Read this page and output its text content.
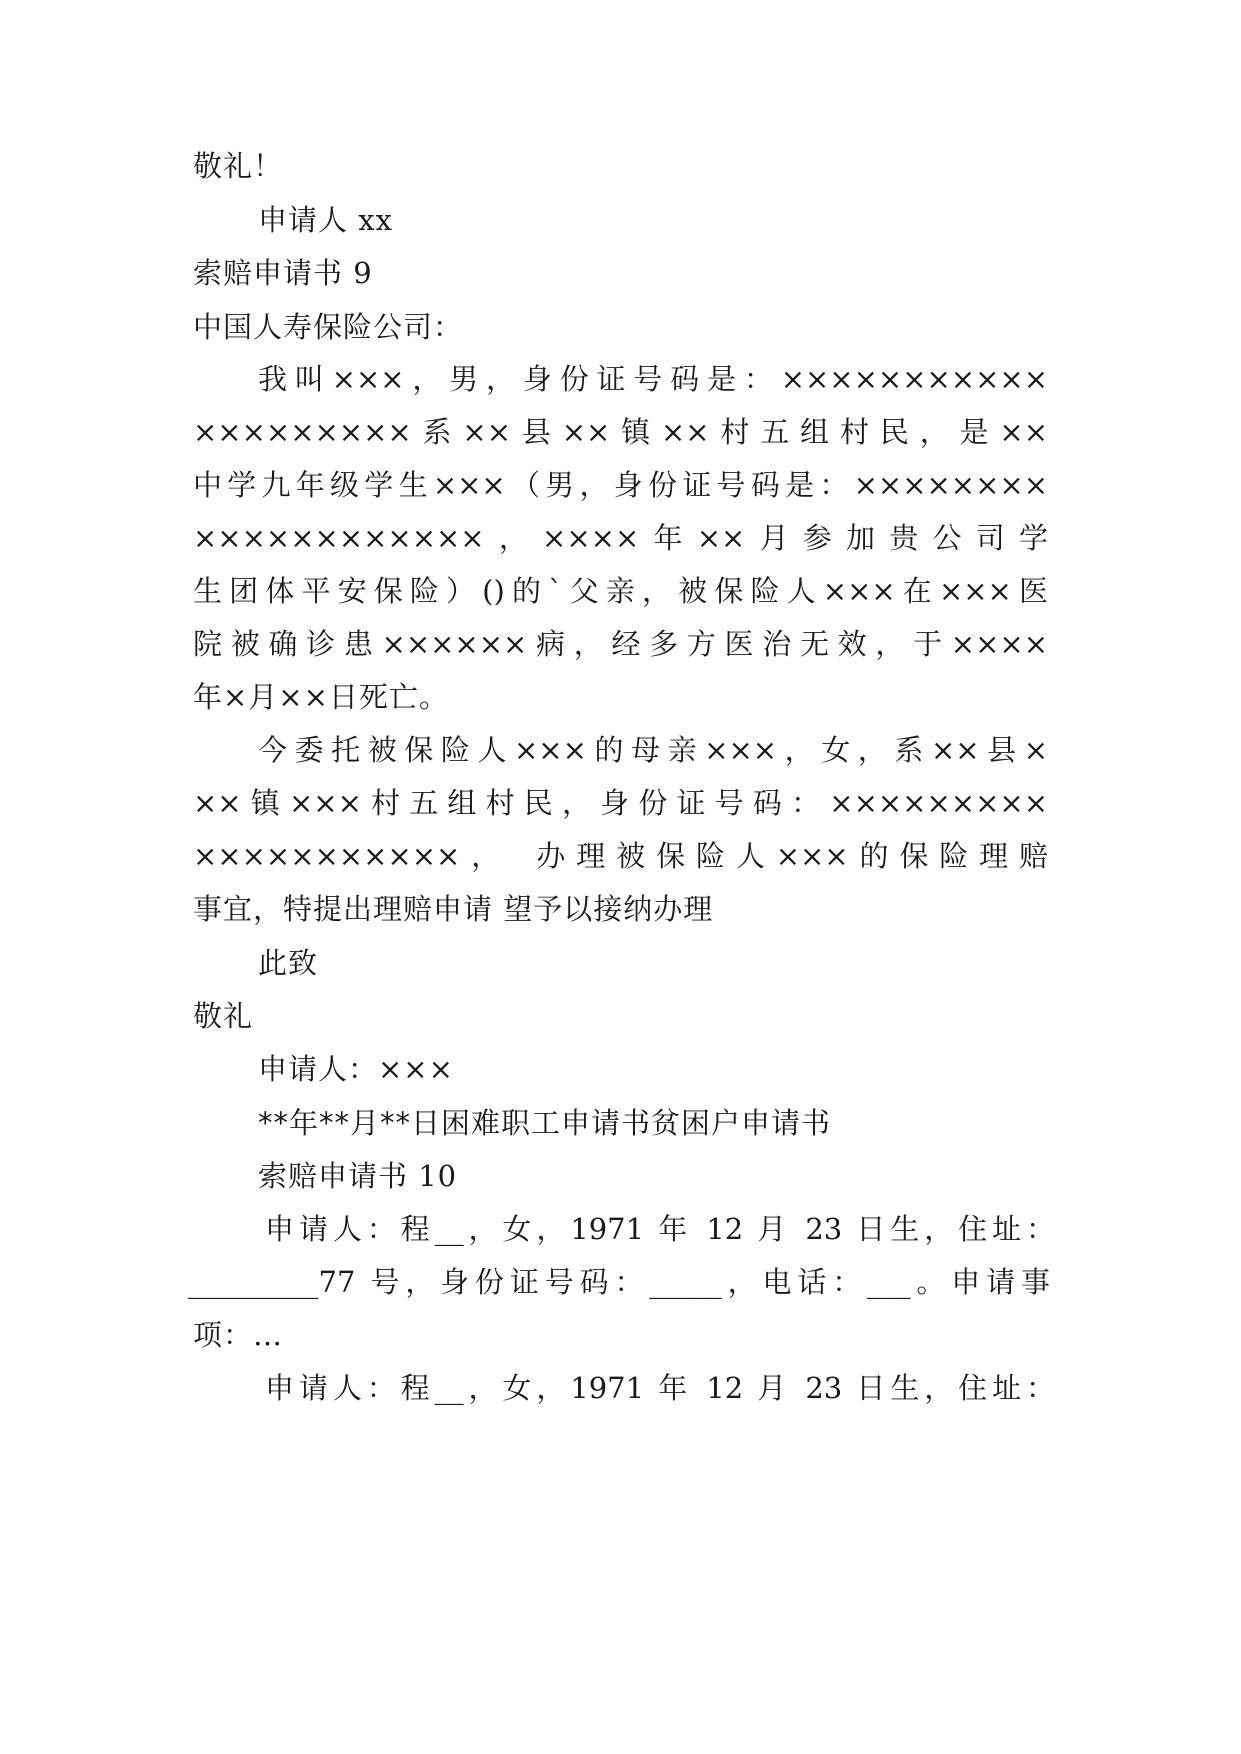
敬礼！
申请人 xx
索赔申请书 9
中国人寿保险公司：
我叫×××，男，身份证号码是：×××××××××××
×××××××××系××县××镇××村五组村民，是××
中学九年级学生×××（男，身份证号码是：××××××××
××××××××××××，××××年××月参加贵公司学
生团体平安保险）()的`父亲，被保险人×××在×××医
院被确诊患××××××病，经多方医治无效，于××××
年×月××日死亡。
今委托被保险人×××的母亲×××，女，系××县×
××镇×××村五组村民，身份证号码：×××××××××
×××××××××××，　办理被保险人×××的保险理赔
事宜，特提出理赔申请 望予以接纳办理
此致
敬礼
申请人：×××
**年**月**日困难职工申请书贫困户申请书
索赔申请书 10
申请人：程__，女，1971 年 12 月 23 日生，住址：
_________77 号，身份证号码：_____，电话：___。申请事
项：…
申请人：程__，女，1971 年 12 月 23 日生，住址：
